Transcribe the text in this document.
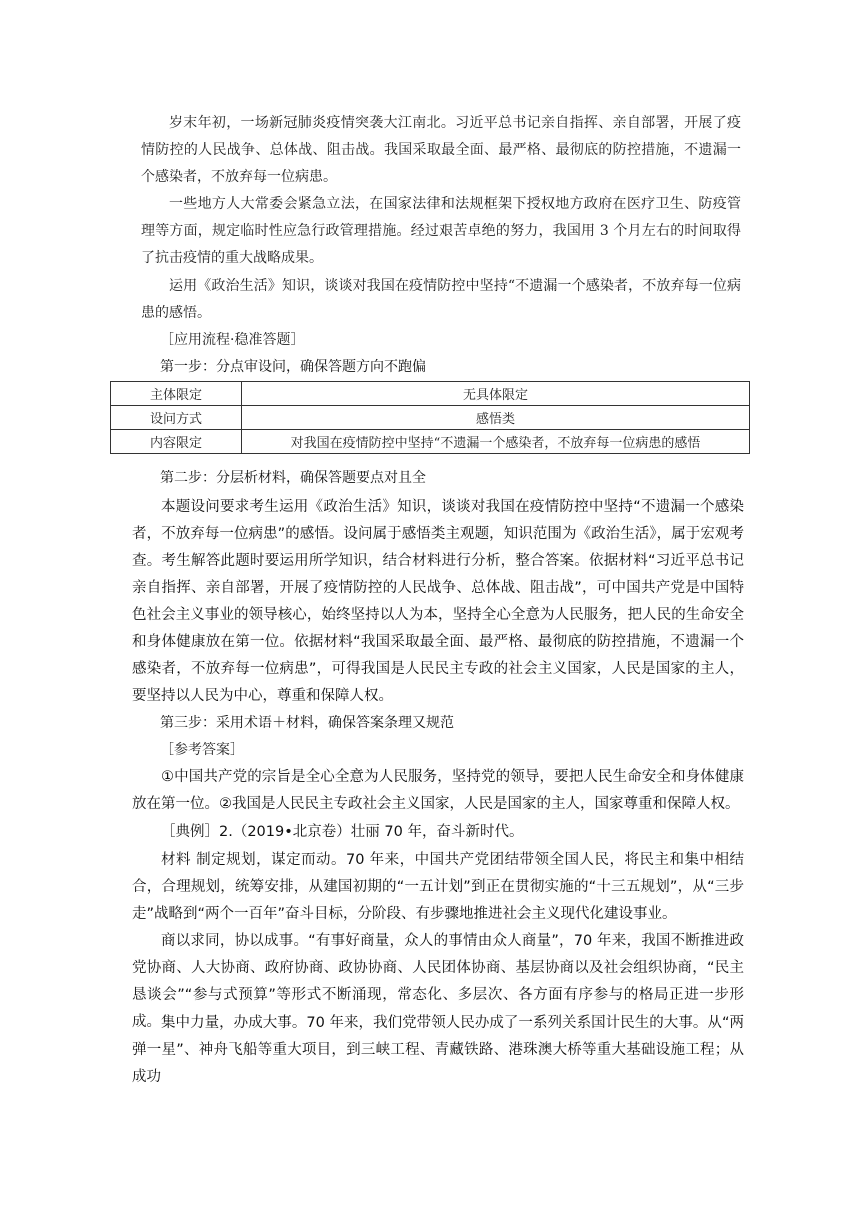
岁末年初，一场新冠肺炎疫情突袭大江南北。习近平总书记亲自指挥、亲自部署，开展了疫情防控的人民战争、总体战、阻击战。我国采取最全面、最严格、最彻底的防控措施，不遗漏一个感染者，不放弃每一位病患。

一些地方人大常委会紧急立法，在国家法律和法规框架下授权地方政府在医疗卫生、防疫管理等方面，规定临时性应急行政管理措施。经过艰苦卓绝的努力，我国用 3 个月左右的时间取得了抗击疫情的重大战略成果。

运用《政治生活》知识，谈谈对我国在疫情防控中坚持“不遗漏一个感染者，不放弃每一位病患的感悟。

［应用流程·稳准答题］

第一步：分点审设问，确保答题方向不跑偏

主体限定	无具体限定
设问方式	感悟类
内容限定	对我国在疫情防控中坚持“不遗漏一个感染者，不放弃每一位病患的感悟

第二步：分层析材料，确保答题要点对且全

本题设问要求考生运用《政治生活》知识，谈谈对我国在疫情防控中坚持“不遗漏一个感染者，不放弃每一位病患”的感悟。设问属于感悟类主观题，知识范围为《政治生活》，属于宏观考查。考生解答此题时要运用所学知识，结合材料进行分析，整合答案。依据材料“习近平总书记亲自指挥、亲自部署，开展了疫情防控的人民战争、总体战、阻击战”，可中国共产党是中国特色社会主义事业的领导核心，始终坚持以人为本，坚持全心全意为人民服务，把人民的生命安全和身体健康放在第一位。依据材料“我国采取最全面、最严格、最彻底的防控措施，不遗漏一个感染者，不放弃每一位病患”，可得我国是人民民主专政的社会主义国家，人民是国家的主人，要坚持以人民为中心，尊重和保障人权。

第三步：采用术语＋材料，确保答案条理又规范

［参考答案］

①中国共产党的宗旨是全心全意为人民服务，坚持党的领导，要把人民生命安全和身体健康放在第一位。②我国是人民民主专政社会主义国家，人民是国家的主人，国家尊重和保障人权。

［典例］2.（2019•北京卷）壮丽 70 年，奋斗新时代。

材料 制定规划，谋定而动。70 年来，中国共产党团结带领全国人民，将民主和集中相结合，合理规划，统筹安排，从建国初期的“一五计划”到正在贯彻实施的“十三五规划”，从“三步走”战略到“两个一百年”奋斗目标，分阶段、有步骤地推进社会主义现代化建设事业。

商以求同，协以成事。“有事好商量，众人的事情由众人商量”，70 年来，我国不断推进政党协商、人大协商、政府协商、政协协商、人民团体协商、基层协商以及社会组织协商，“民主恳谈会”“参与式预算”等形式不断涌现，常态化、多层次、各方面有序参与的格局正进一步形成。 集中力量，办成大事。70 年来，我们党带领人民办成了一系列关系国计民生的大事。从“两弹一星”、神舟飞船等重大项目，到三峡工程、青藏铁路、港珠澳大桥等重大基础设施工程；从成功
